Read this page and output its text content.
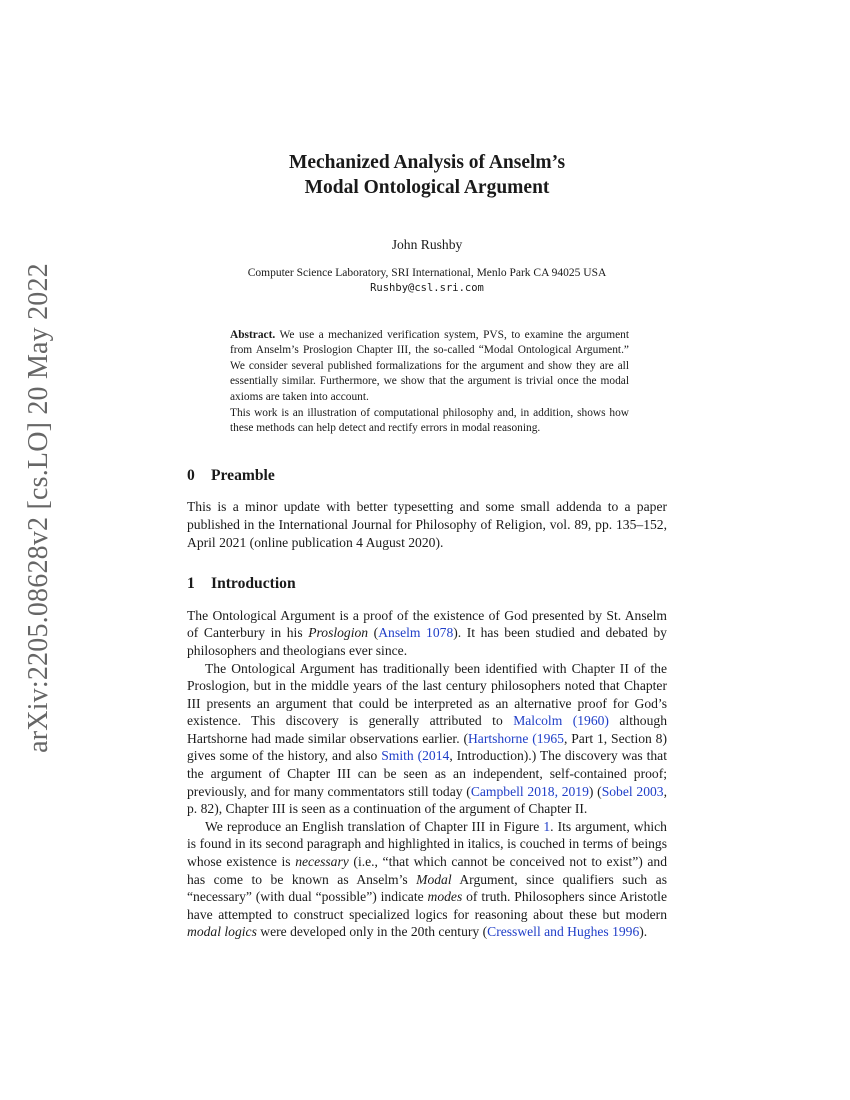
arXiv:2205.08628v2 [cs.LO] 20 May 2022
Mechanized Analysis of Anselm’s
Modal Ontological Argument
John Rushby
Computer Science Laboratory, SRI International, Menlo Park CA 94025 USA
Rushby@csl.sri.com

Abstract. We use a mechanized verification system, PVS, to examine the argument from Anselm’s Proslogion Chapter III, the so-called “Modal Ontological Argument.” We consider several published formalizations for the argument and show they are all essentially similar. Furthermore, we show that the argument is trivial once the modal axioms are taken into account.

This work is an illustration of computational philosophy and, in addition, shows how these methods can help detect and rectify errors in modal reasoning.

0 Preamble

This is a minor update with better typesetting and some small addenda to a paper published in the International Journal for Philosophy of Religion, vol. 89, pp. 135–152, April 2021 (online publication 4 August 2020).

1 Introduction

The Ontological Argument is a proof of the existence of God presented by St. Anselm of Canterbury in his Proslogion (Anselm 1078). It has been studied and debated by philosophers and theologians ever since.

The Ontological Argument has traditionally been identified with Chapter II of the Proslogion, but in the middle years of the last century philosophers noted that Chapter III presents an argument that could be interpreted as an alternative proof for God’s existence. This discovery is generally attributed to Malcolm (1960) although Hartshorne had made similar observations earlier. (Hartshorne (1965, Part 1, Section 8) gives some of the history, and also Smith (2014, Introduction).) The discovery was that the argument of Chapter III can be seen as an independent, self-contained proof; previously, and for many commentators still today (Campbell 2018, 2019) (Sobel 2003, p. 82), Chapter III is seen as a continuation of the argument of Chapter II.

We reproduce an English translation of Chapter III in Figure 1. Its argument, which is found in its second paragraph and highlighted in italics, is couched in terms of beings whose existence is necessary (i.e., “that which cannot be conceived not to exist”) and has come to be known as Anselm’s Modal Argument, since qualifiers such as “necessary” (with dual “possible”) indicate modes of truth. Philosophers since Aristotle have attempted to construct specialized logics for reasoning about these but modern modal logics were developed only in the 20th century (Cresswell and Hughes 1996).
